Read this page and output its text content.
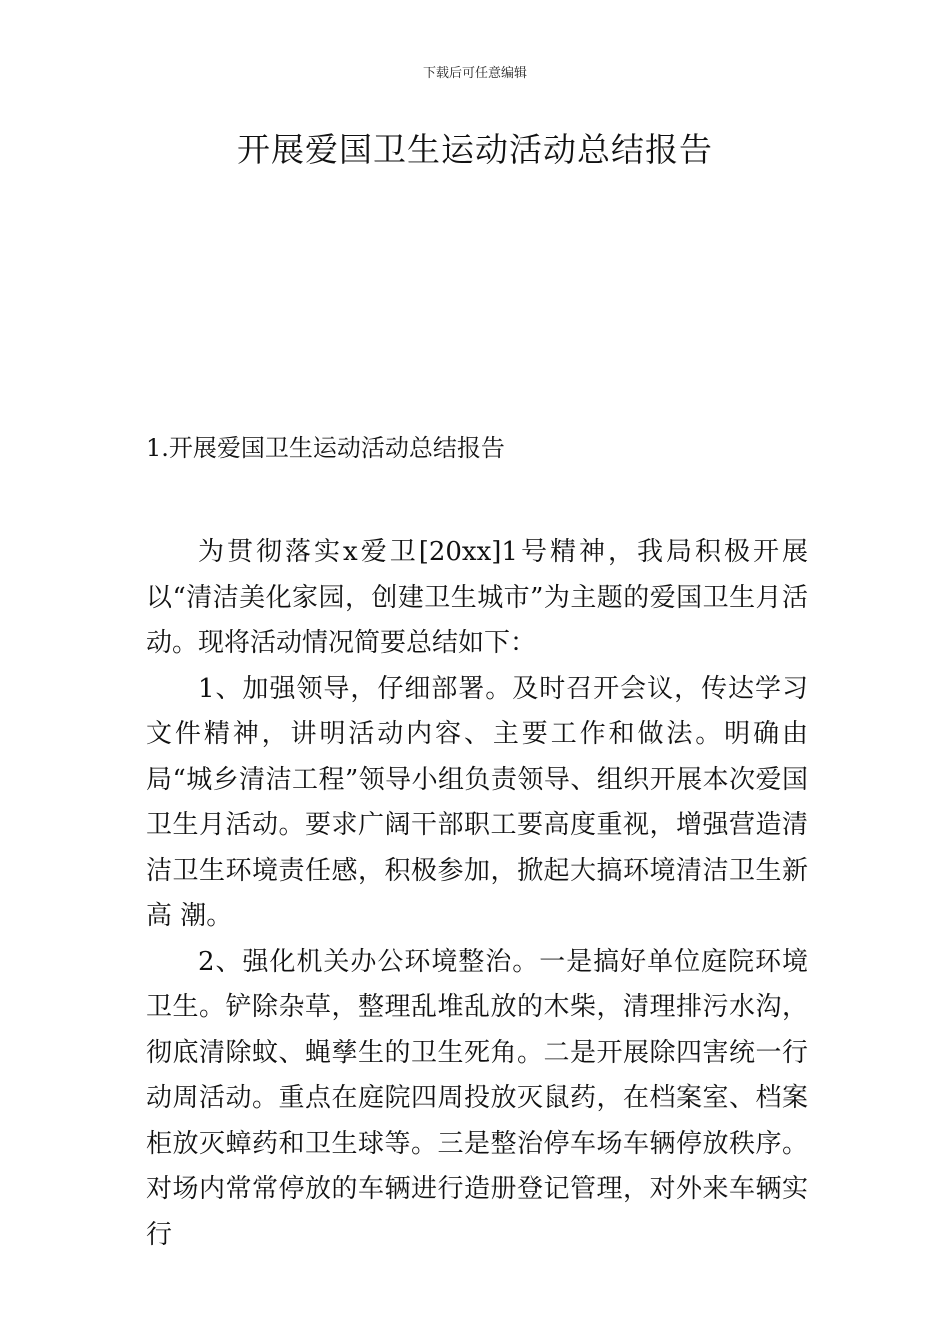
下载后可任意编辑
开展爱国卫生运动活动总结报告
1.开展爱国卫生运动活动总结报告

为贯彻落实x爱卫[20xx]1号精神，我局积极开展以“清洁美化家园，创建卫生城市”为主题的爱国卫生月活动。现将活动情况简要总结如下：

1、加强领导，仔细部署。及时召开会议，传达学习文件精神，讲明活动内容、主要工作和做法。明确由局“城乡清洁工程”领导小组负责领导、组织开展本次爱国卫生月活动。要求广阔干部职工要高度重视，增强营造清洁卫生环境责任感，积极参加，掀起大搞环境清洁卫生新高 潮。

2、强化机关办公环境整治。一是搞好单位庭院环境卫生。铲除杂草，整理乱堆乱放的木柴，清理排污水沟，彻底清除蚊、蝇孳生的卫生死角。二是开展除四害统一行动周活动。重点在庭院四周投放灭鼠药，在档案室、档案柜放灭蟑药和卫生球等。三是整治停车场车辆停放秩序。对场内常常停放的车辆进行造册登记管理，对外来车辆实行
